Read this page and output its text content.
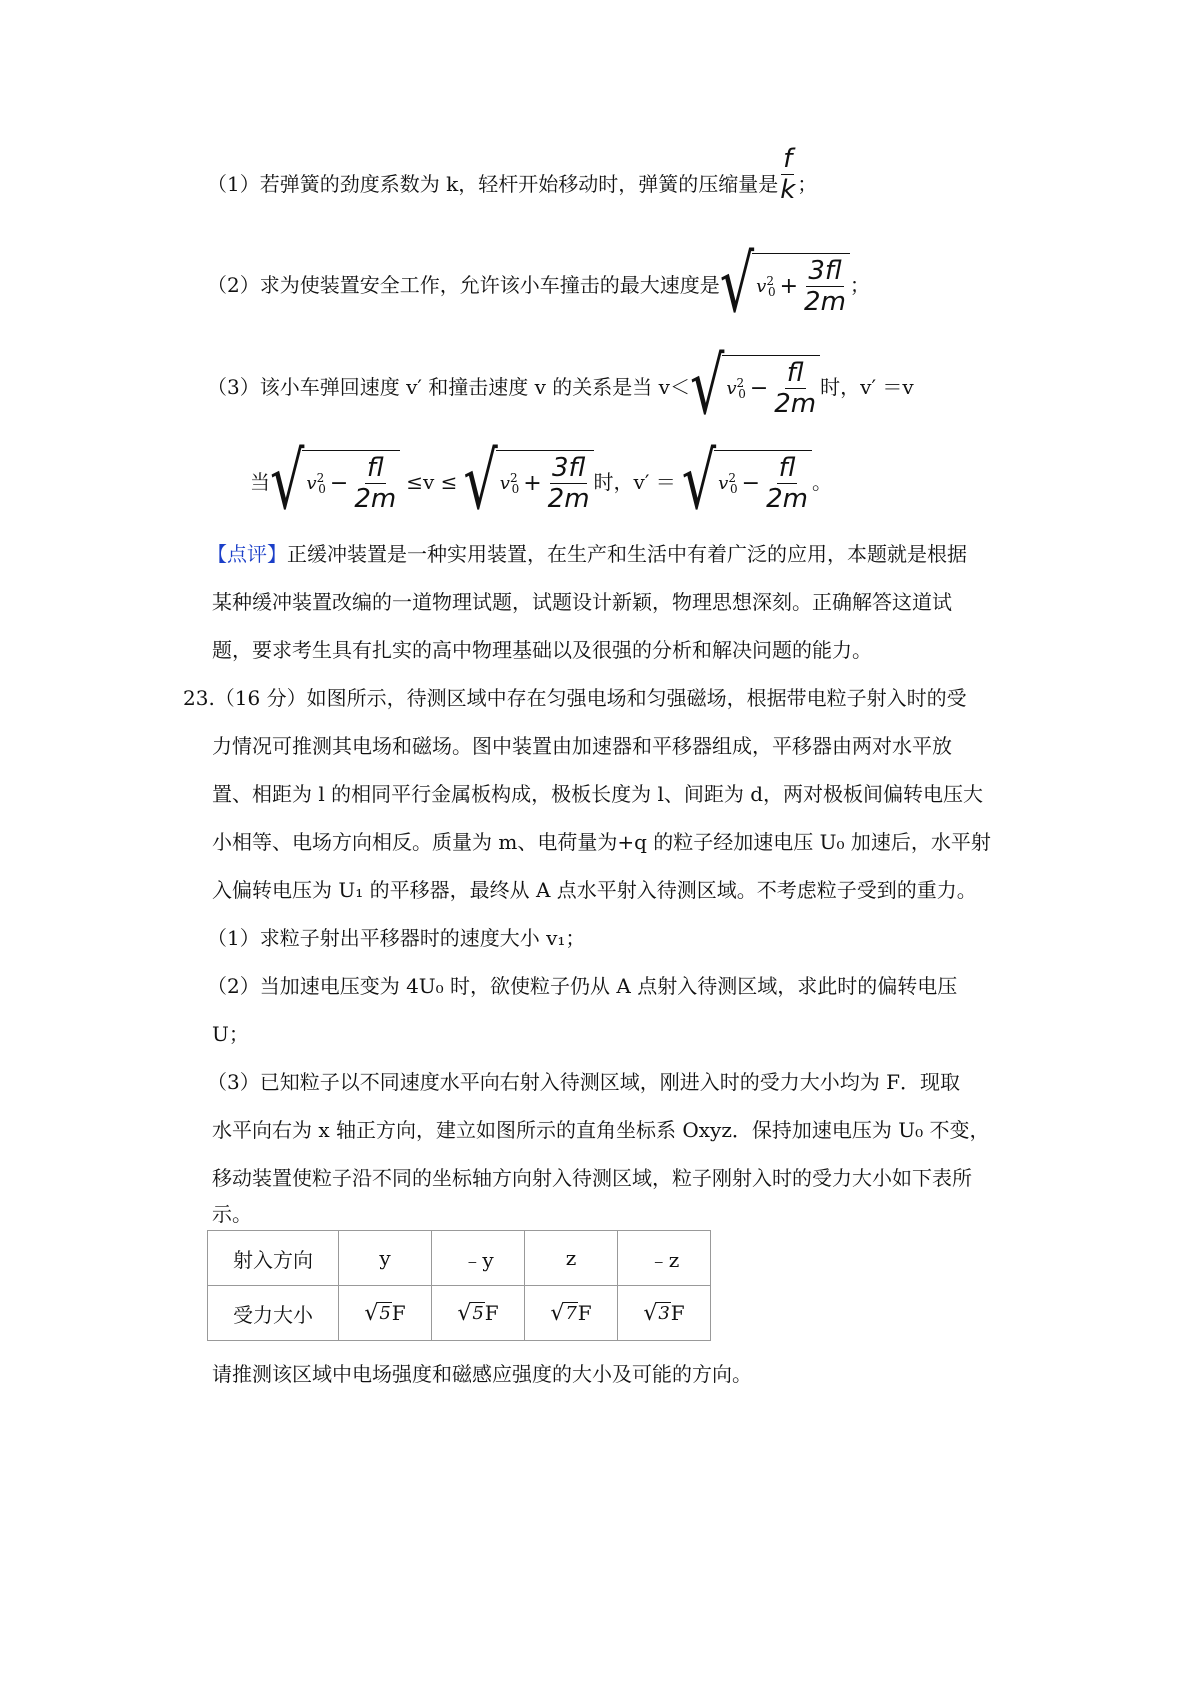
（1）若弹簧的劲度系数为 k，轻杆开始移动时，弹簧的压缩量是 $\frac{f}{k}$ ；
（2）求为使装置安全工作，允许该小车撞击的最大速度是 √ $v^2_0 + \frac{3fl}{2m}$ ；
（3）该小车弹回速度 v′ 和撞击速度 v 的关系是当 v＜ √ $v^2_0 - \frac{fl}{2m}$ 时，v′ ＝v
当 √ $v^2_0 - \frac{fl}{2m} \le v$ ≤ √ $v^2_0 + \frac{3fl}{2m}$ 时，v′ ＝ √ $v^2_0 - \frac{fl}{2m}$ 。
【点评】正缓冲装置是一种实用装置，在生产和生活中有着广泛的应用，本题就是根据
某种缓冲装置改编的一道物理试题，试题设计新颖，物理思想深刻。正确解答这道试
题，要求考生具有扎实的高中物理基础以及很强的分析和解决问题的能力。
23.（16 分）如图所示，待测区域中存在匀强电场和匀强磁场，根据带电粒子射入时的受
力情况可推测其电场和磁场。图中装置由加速器和平移器组成，平移器由两对水平放
置、相距为 l 的相同平行金属板构成，极板长度为 l、间距为 d，两对极板间偏转电压大
小相等、电场方向相反。质量为 m、电荷量为+q 的粒子经加速电压 U₀ 加速后，水平射
入偏转电压为 U₁ 的平移器，最终从 A 点水平射入待测区域。不考虑粒子受到的重力。
（1）求粒子射出平移器时的速度大小 v₁；
（2）当加速电压变为 4U₀ 时，欲使粒子仍从 A 点射入待测区域，求此时的偏转电压
U；
（3）已知粒子以不同速度水平向右射入待测区域，刚进入时的受力大小均为 F．现取
水平向右为 x 轴正方向，建立如图所示的直角坐标系 Oxyz．保持加速电压为 U₀ 不变，
移动装置使粒子沿不同的坐标轴方向射入待测区域，粒子刚射入时的受力大小如下表所
示。
射入方向	y	﹣y	z	﹣z
受力大小	√ 5 F	√ 5 F	√ 7 F	√ 3 F
请推测该区域中电场强度和磁感应强度的大小及可能的方向。
